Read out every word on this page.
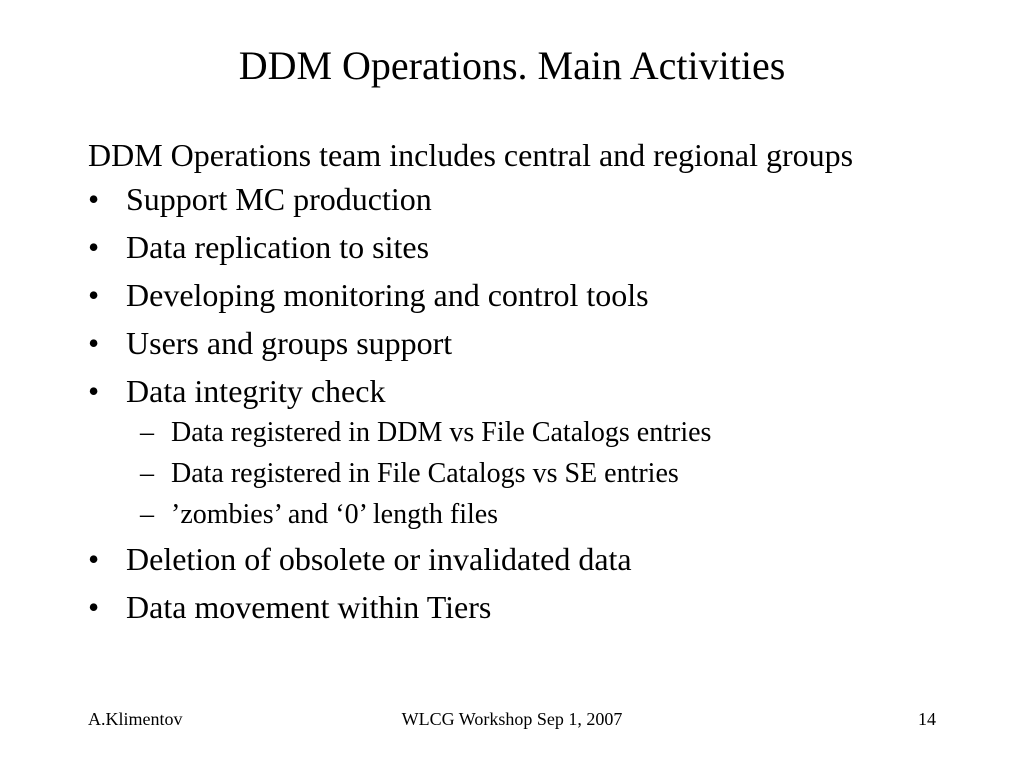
DDM Operations. Main Activities
DDM Operations team includes central and regional groups
• Support MC production
• Data replication to sites
• Developing monitoring and control tools
• Users and groups support
• Data integrity check
– Data registered in DDM vs File Catalogs entries
– Data registered in File Catalogs vs SE entries
– ’zombies’ and ‘0’ length files
• Deletion of obsolete or invalidated data
• Data movement within Tiers
A.Klimentov	WLCG Workshop Sep 1, 2007	14
